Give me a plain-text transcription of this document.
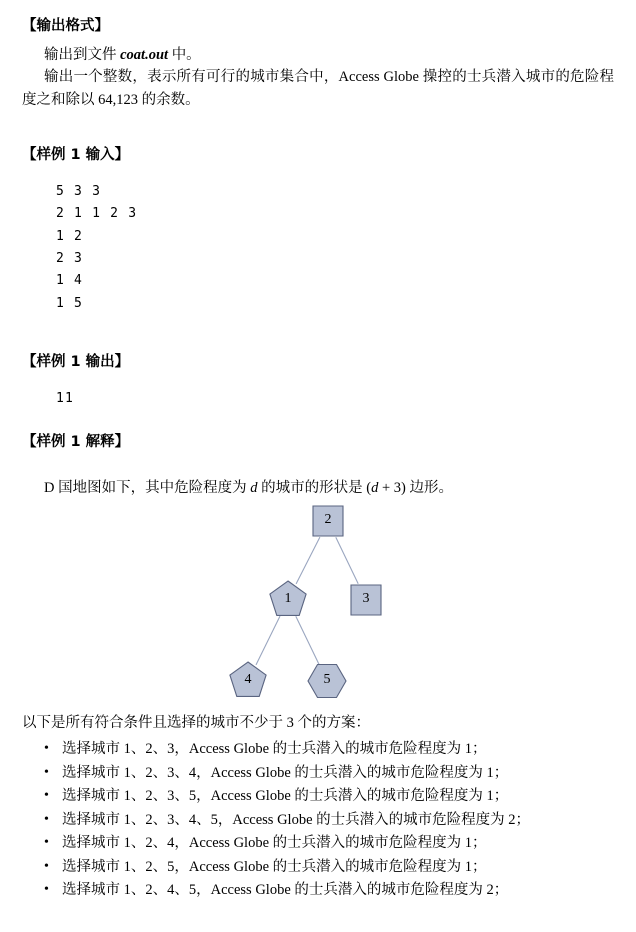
【输出格式】
输出到文件 coat.out 中。
输出一个整数，表示所有可行的城市集合中，Access Globe 操控的士兵潜入城市的危险程度之和除以 64,123 的余数。
【样例 1 输入】
5 3 3
2 1 1 2 3
1 2
2 3
1 4
1 5
【样例 1 输出】
11
【样例 1 解释】
D 国地图如下，其中危险程度为 d 的城市的形状是 (d + 3) 边形。
2
1	3
4	5
以下是所有符合条件且选择的城市不少于 3 个的方案：
• 选择城市 1、2、3，Access Globe 的士兵潜入的城市危险程度为 1；
• 选择城市 1、2、3、4，Access Globe 的士兵潜入的城市危险程度为 1；
• 选择城市 1、2、3、5，Access Globe 的士兵潜入的城市危险程度为 1；
• 选择城市 1、2、3、4、5，Access Globe 的士兵潜入的城市危险程度为 2；
• 选择城市 1、2、4，Access Globe 的士兵潜入的城市危险程度为 1；
• 选择城市 1、2、5，Access Globe 的士兵潜入的城市危险程度为 1；
• 选择城市 1、2、4、5，Access Globe 的士兵潜入的城市危险程度为 2；
